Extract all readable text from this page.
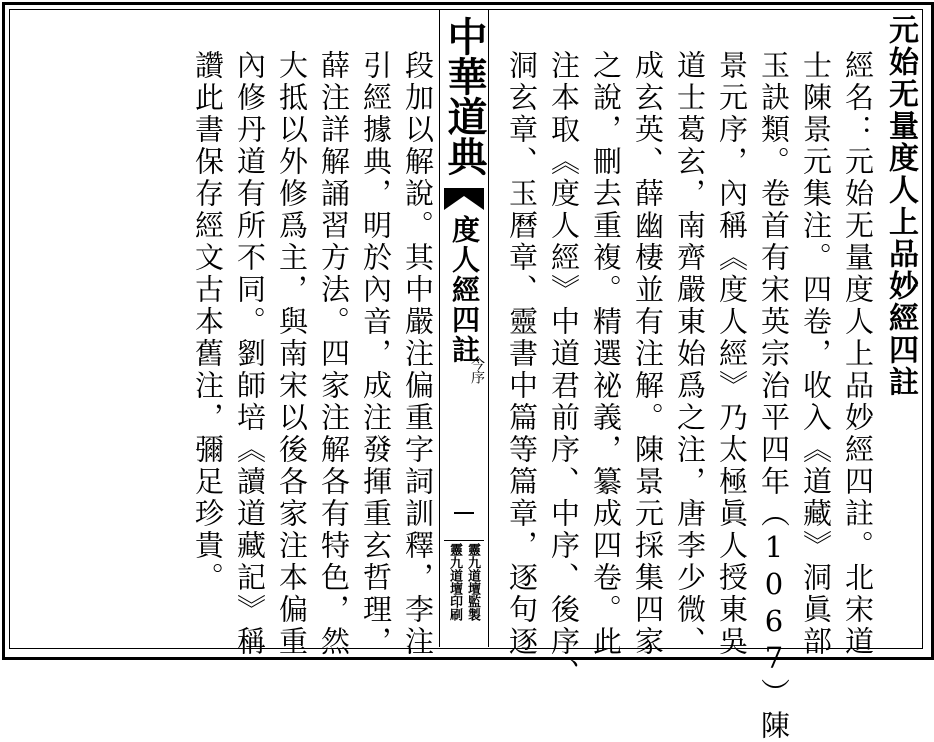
元始无量度人上品妙經四註
經名：元始无量度人上品妙經四註。北宋道
士陳景元集注。四卷，收入《道藏》洞眞部
玉訣類。卷首有宋英宗治平四年（1067）陳
景元序，內稱《度人經》乃太極眞人授東吳
道士葛玄，南齊嚴東始爲之注，唐李少微、
成玄英、薛幽棲並有注解。陳景元採集四家
之說，刪去重複。精選祕義，纂成四卷。此
注本取《度人經》中道君前序、中序、後序、
洞玄章、玉曆章、靈書中篇等篇章，逐句逐
中華道典
度人經四註
今序
靈九道壇監製
靈九道壇印刷
段加以解說。其中嚴注偏重字詞訓釋，李注
引經據典，明於內音，成注發揮重玄哲理，
薛注詳解誦習方法。四家注解各有特色，然
大抵以外修爲主，與南宋以後各家注本偏重
內修丹道有所不同。劉師培《讀道藏記》稱
讚此書保存經文古本舊注，彌足珍貴。
